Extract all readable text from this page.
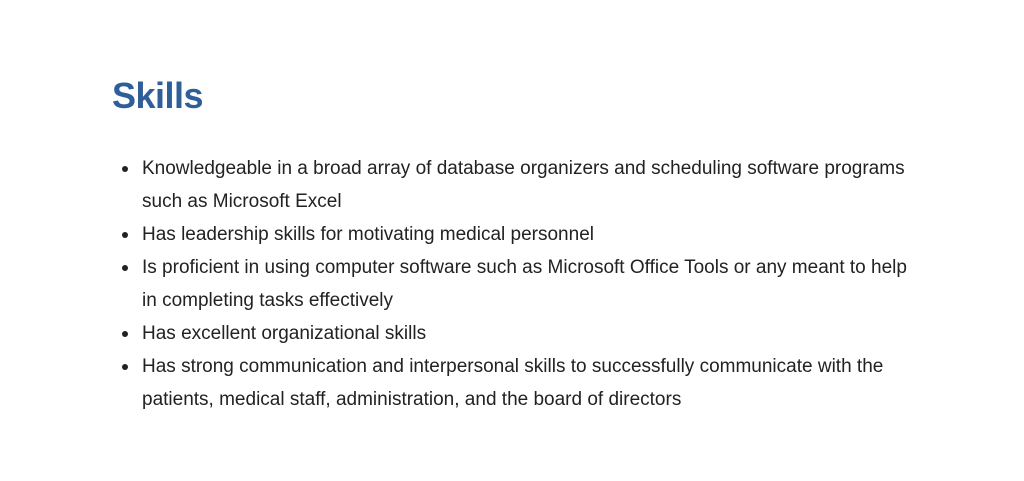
Skills
Knowledgeable in a broad array of database organizers and scheduling software programs such as Microsoft Excel
Has leadership skills for motivating medical personnel
Is proficient in using computer software such as Microsoft Office Tools or any meant to help in completing tasks effectively
Has excellent organizational skills
Has strong communication and interpersonal skills to successfully communicate with the patients, medical staff, administration, and the board of directors
